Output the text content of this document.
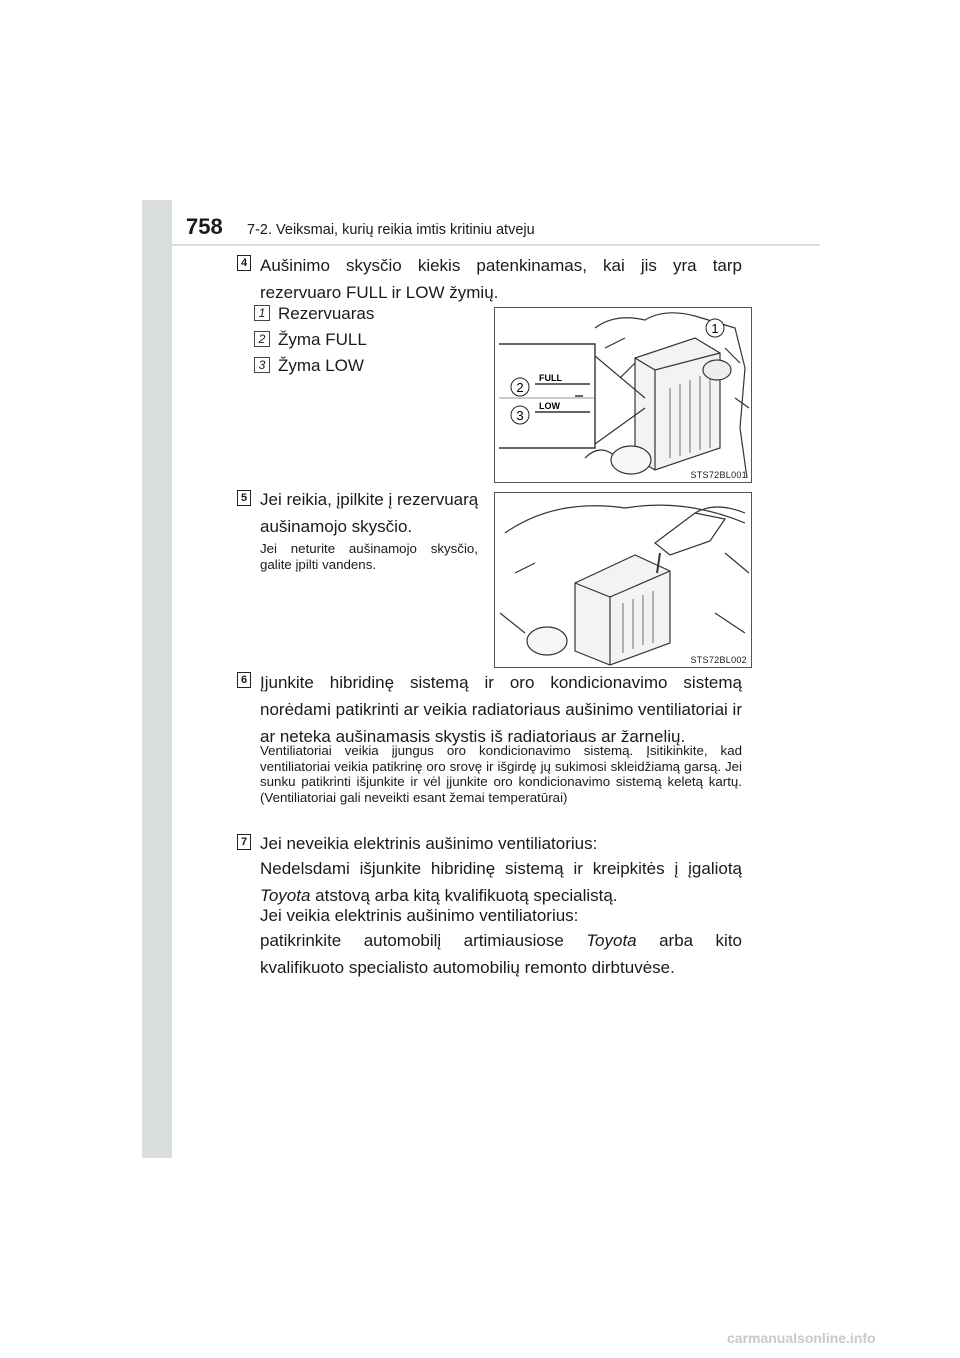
758 7-2. Veiksmai, kurių reikia imtis kritiniu atveju
4 Aušinimo skysčio kiekis patenkinamas, kai jis yra tarp rezervuaro FULL ir LOW žymių.
1 Rezervuaras
2 Žyma FULL
3 Žyma LOW
1
2
3
FULL
LOW
STS72BL001
5 Jei reikia, įpilkite į rezervuarą aušinamojo skysčio.
Jei neturite aušinamojo skysčio, galite įpilti vandens.
STS72BL002
6 Įjunkite hibridinę sistemą ir oro kondicionavimo sistemą norėdami patikrinti ar veikia radiatoriaus aušinimo ventiliatoriai ir ar neteka aušinamasis skystis iš radiatoriaus ar žarnelių.
Ventiliatoriai veikia įjungus oro kondicionavimo sistemą. Įsitikinkite, kad ventiliatoriai veikia patikrinę oro srovę ir išgirdę jų sukimosi skleidžiamą garsą. Jei sunku patikrinti išjunkite ir vėl įjunkite oro kondicionavimo sistemą keletą kartų. (Ventiliatoriai gali neveikti esant žemai temperatūrai)
7 Jei neveikia elektrinis aušinimo ventiliatorius:
Nedelsdami išjunkite hibridinę sistemą ir kreipkitės į įgaliotą Toyota atstovą arba kitą kvalifikuotą specialistą.
Jei veikia elektrinis aušinimo ventiliatorius:
patikrinkite automobilį artimiausiose Toyota arba kito kvalifikuoto specialisto automobilių remonto dirbtuvėse.
carmanualsonline.info
